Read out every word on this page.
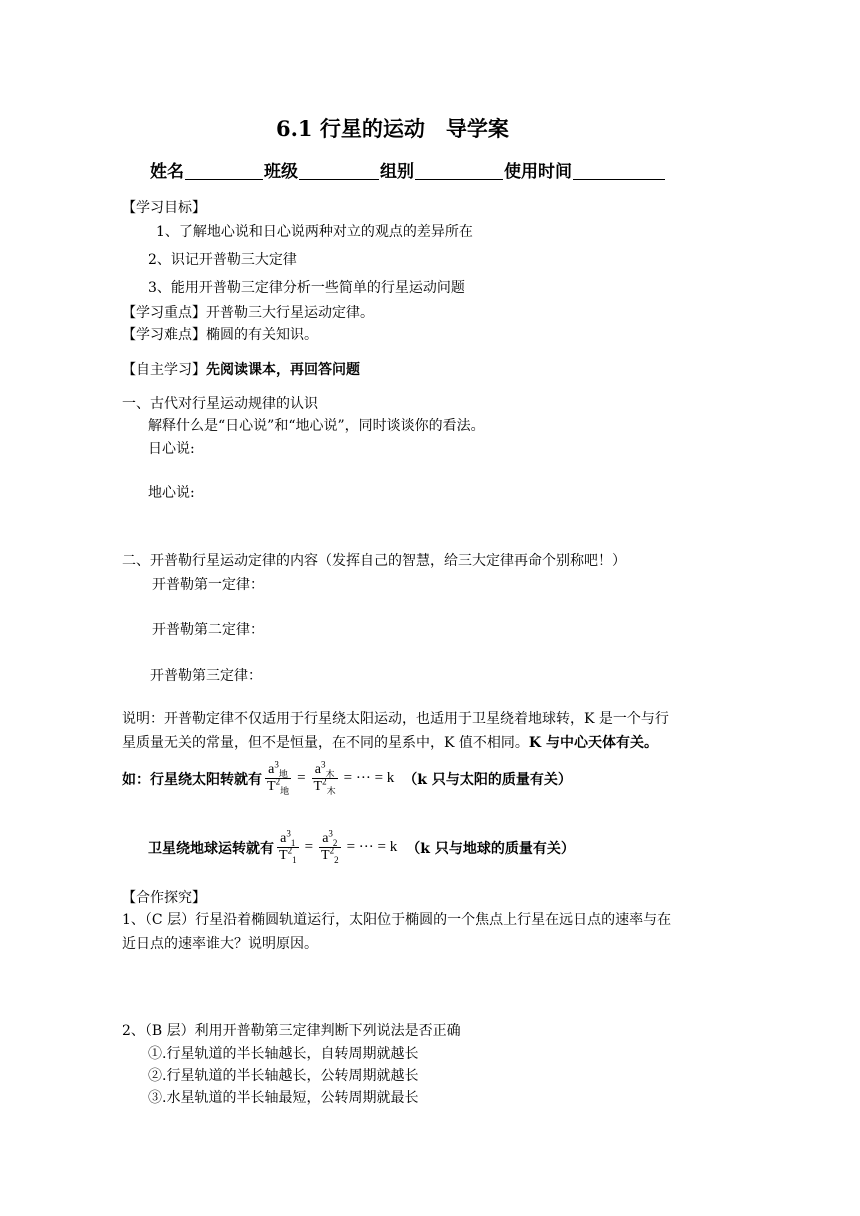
6.1 行星的运动　导学案
姓名	班级	组别	使用时间
【学习目标】
1、了解地心说和日心说两种对立的观点的差异所在
2、识记开普勒三大定律
3、能用开普勒三定律分析一些简单的行星运动问题
【学习重点】开普勒三大行星运动定律。
【学习难点】椭圆的有关知识。
【自主学习】先阅读课本，再回答问题
一、古代对行星运动规律的认识
解释什么是“日心说”和“地心说”，同时谈谈你的看法。
日心说:
地心说:
二、开普勒行星运动定律的内容（发挥自己的智慧，给三大定律再命个别称吧！）
开普勒第一定律：
开普勒第二定律：
开普勒第三定律：
说明：开普勒定律不仅适用于行星绕太阳运动，也适用于卫星绕着地球转，K 是一个与行
星质量无关的常量，但不是恒量，在不同的星系中，K 值不相同。K 与中心天体有关。
如：行星绕太阳转就有 $\frac{a^3_地}{T^2_地} = \frac{a^3_木}{T^2_木}$ = ··· = k （k 只与太阳的质量有关）
卫星绕地球运转就有 $\frac{a^3_1}{T^2_1} = \frac{a^3_2}{T^2_2}$ = ··· = k （k 只与地球的质量有关）
【合作探究】
1、（C 层）行星沿着椭圆轨道运行，太阳位于椭圆的一个焦点上行星在远日点的速率与在
近日点的速率谁大？说明原因。
2、（B 层）利用开普勒第三定律判断下列说法是否正确
①.行星轨道的半长轴越长，自转周期就越长
②.行星轨道的半长轴越长，公转周期就越长
③.水星轨道的半长轴最短，公转周期就最长
